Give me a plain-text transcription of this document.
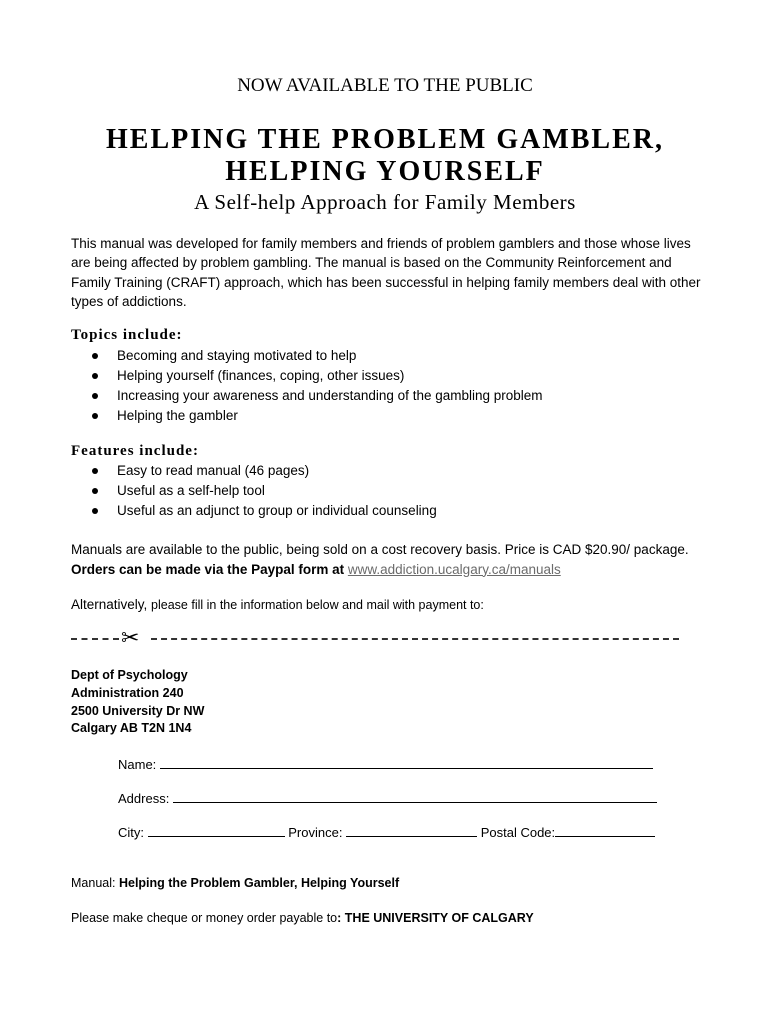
NOW AVAILABLE TO THE PUBLIC
HELPING THE PROBLEM GAMBLER,
HELPING YOURSELF
A Self-help Approach for Family Members
This manual was developed for family members and friends of problem gamblers and those whose lives are being affected by problem gambling. The manual is based on the Community Reinforcement and Family Training (CRAFT) approach, which has been successful in helping family members deal with other types of addictions.
Topics include:
Becoming and staying motivated to help
Helping yourself (finances, coping, other issues)
Increasing your awareness and understanding of the gambling problem
Helping the gambler
Features include:
Easy to read manual (46 pages)
Useful as a self-help tool
Useful as an adjunct to group or individual counseling
Manuals are available to the public, being sold on a cost recovery basis. Price is CAD $20.90/ package.
Orders can be made via the Paypal form at www.addiction.ucalgary.ca/manuals
Alternatively, please fill in the information below and mail with payment to:
✂
Dept of Psychology
Administration 240
2500 University Dr NW
Calgary AB T2N 1N4
Name:
Address:
City:	Province:	Postal Code:
Manual: Helping the Problem Gambler, Helping Yourself
Please make cheque or money order payable to: THE UNIVERSITY OF CALGARY
